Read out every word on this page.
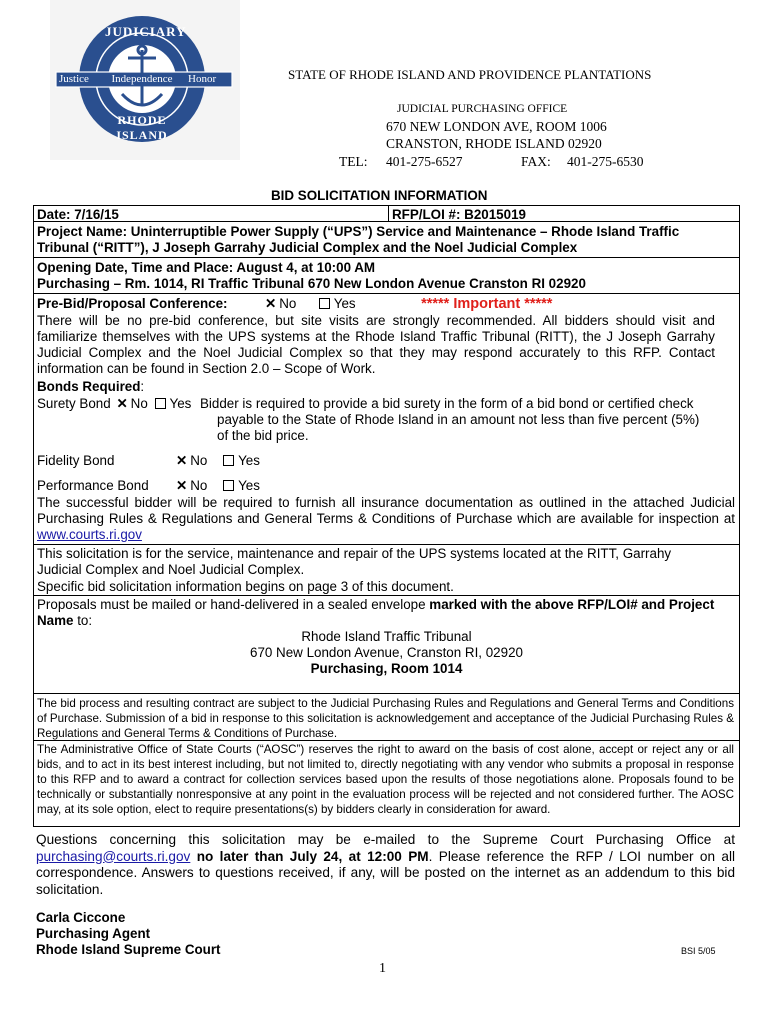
JUDICIARY
Justice	Independence	Honor
RHODE ISLAND
STATE OF RHODE ISLAND AND PROVIDENCE PLANTATIONS
JUDICIAL PURCHASING OFFICE
670 NEW LONDON AVE, ROOM 1006
CRANSTON, RHODE ISLAND 02920
TEL: 401-275-6527	FAX: 401-275-6530
BID SOLICITATION INFORMATION
Date: 7/16/15	RFP/LOI #: B2015019
Project Name: Uninterruptible Power Supply (“UPS”) Service and Maintenance – Rhode Island Traffic Tribunal (“RITT”), J Joseph Garrahy Judicial Complex and the Noel Judicial Complex
Opening Date, Time and Place: August 4, at 10:00 AM
Purchasing – Rm. 1014, RI Traffic Tribunal 670 New London Avenue Cranston RI 02920
Pre-Bid/Proposal Conference:	✕ No	Yes	***** Important *****
There will be no pre-bid conference, but site visits are strongly recommended. All bidders should visit and familiarize themselves with the UPS systems at the Rhode Island Traffic Tribunal (RITT), the J Joseph Garrahy Judicial Complex and the Noel Judicial Complex so that they may respond accurately to this RFP. Contact information can be found in Section 2.0 – Scope of Work.
Bonds Required:
Surety Bond ✕ No Yes Bidder is required to provide a bid surety in the form of a bid bond or certified check payable to the State of Rhode Island in an amount not less than five percent (5%) of the bid price.
Fidelity Bond	✕ No Yes
Performance Bond ✕ No Yes
The successful bidder will be required to furnish all insurance documentation as outlined in the attached Judicial Purchasing Rules & Regulations and General Terms & Conditions of Purchase which are available for inspection at www.courts.ri.gov
This solicitation is for the service, maintenance and repair of the UPS systems located at the RITT, Garrahy Judicial Complex and Noel Judicial Complex.
Specific bid solicitation information begins on page 3 of this document.
Proposals must be mailed or hand-delivered in a sealed envelope marked with the above RFP/LOI# and Project Name to:
Rhode Island Traffic Tribunal
670 New London Avenue, Cranston RI, 02920
Purchasing, Room 1014
The bid process and resulting contract are subject to the Judicial Purchasing Rules and Regulations and General Terms and Conditions of Purchase. Submission of a bid in response to this solicitation is acknowledgement and acceptance of the Judicial Purchasing Rules & Regulations and General Terms & Conditions of Purchase.
The Administrative Office of State Courts (“AOSC”) reserves the right to award on the basis of cost alone, accept or reject any or all bids, and to act in its best interest including, but not limited to, directly negotiating with any vendor who submits a proposal in response to this RFP and to award a contract for collection services based upon the results of those negotiations alone. Proposals found to be technically or substantially nonresponsive at any point in the evaluation process will be rejected and not considered further. The AOSC may, at its sole option, elect to require presentations(s) by bidders clearly in consideration for award.
Questions concerning this solicitation may be e-mailed to the Supreme Court Purchasing Office at purchasing@courts.ri.gov no later than July 24, at 12:00 PM. Please reference the RFP / LOI number on all correspondence. Answers to questions received, if any, will be posted on the internet as an addendum to this bid solicitation.
Carla Ciccone
Purchasing Agent
Rhode Island Supreme Court	BSI 5/05
1
